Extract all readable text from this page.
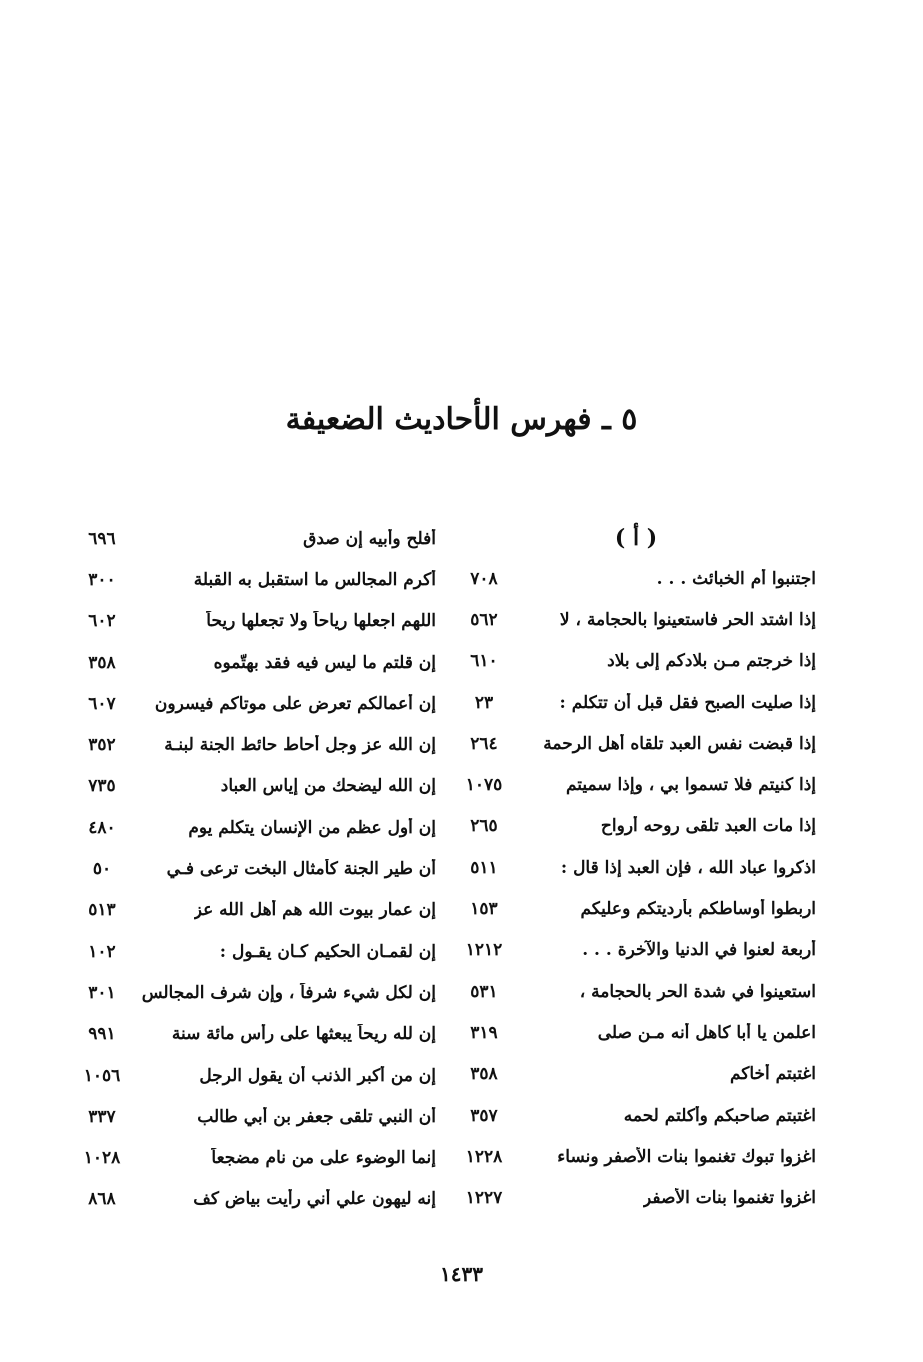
٥ ـ فهرس الأحاديث الضعيفة
( أ )
اجتنبوا أم الخبائث . . .
٧٠٨
إذا اشتد الحر فاستعينوا بالحجامة ، لا
٥٦٢
إذا خرجتم مـن بلادكم إلى بلاد
٦١٠
إذا صليت الصبح فقل قبل أن تتكلم :
٢٣
إذا قبضت نفس العبد تلقاه أهل الرحمة
٢٦٤
إذا كنيتم فلا تسموا بي ، وإذا سميتم
١٠٧٥
إذا مات العبد تلقى روحه أرواح
٢٦٥
اذكروا عباد الله ، فإن العبد إذا قال :
٥١١
اربطوا أوساطكم بأرديتكم وعليكم
١٥٣
أربعة لعنوا في الدنيا والآخرة . . .
١٢١٢
استعينوا في شدة الحر بالحجامة ،
٥٣١
اعلمن يا أبا كاهل أنه مـن صلى
٣١٩
اغتبتم أخاكم
٣٥٨
اغتبتم صاحبكم وأكلتم لحمه
٣٥٧
اغزوا تبوك تغنموا بنات الأصفر ونساء
١٢٢٨
اغزوا تغنموا بنات الأصفر
١٢٢٧
أفلح وأبيه إن صدق
٦٩٦
أكرم المجالس ما استقبل به القبلة
٣٠٠
اللهم اجعلها رياحاً ولا تجعلها ريحاً
٦٠٢
إن قلتم ما ليس فيه فقد بهتّموه
٣٥٨
إن أعمالكم تعرض على موتاكم فيسرون
٦٠٧
إن الله عز وجل أحاط حائط الجنة لبنـة
٣٥٢
إن الله ليضحك من إياس العباد
٧٣٥
إن أول عظم من الإنسان يتكلم يوم
٤٨٠
أن طير الجنة كأمثال البخت ترعى فـي
٥٠
إن عمار بيوت الله هم أهل الله عز
٥١٣
إن لقمـان الحكيم كـان يقـول :
١٠٢
إن لكل شيء شرفاً ، وإن شرف المجالس
٣٠١
إن لله ريحاً يبعثها على رأس مائة سنة
٩٩١
إن من أكبر الذنب أن يقول الرجل
١٠٥٦
أن النبي تلقى جعفر بن أبي طالب
٣٣٧
إنما الوضوء على من نام مضجعاً
١٠٢٨
إنه ليهون علي أني رأيت بياض كف
٨٦٨
١٤٣٣
